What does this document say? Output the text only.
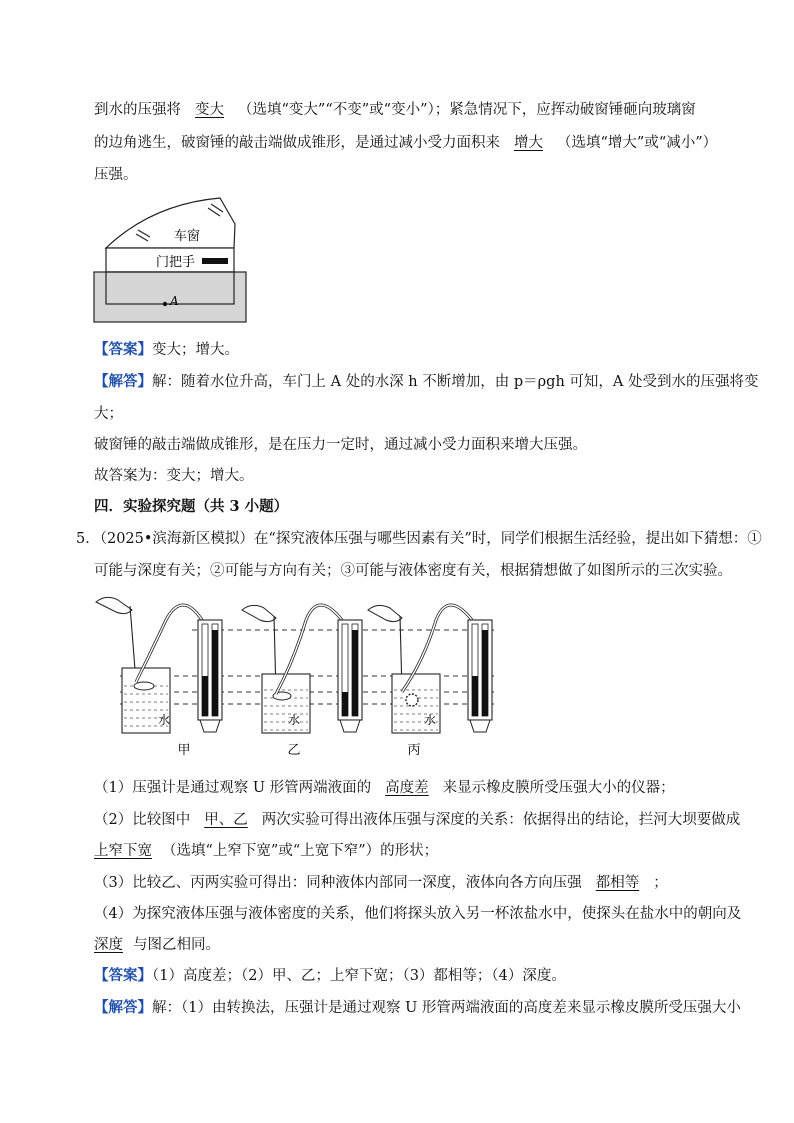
到水的压强将 变大 （选填“变大”“不变”或“变小”）；紧急情况下，应挥动破窗锤砸向玻璃窗
的边角逃生，破窗锤的敲击端做成锥形，是通过减小受力面积来 增大 （选填“增大”或“减小”）
压强。
车窗
门把手
A
【答案】变大；增大。
【解答】解：随着水位升高，车门上 A 处的水深 h 不断增加，由 p＝ρgh 可知，A 处受到水的压强将变
大；
破窗锤的敲击端做成锥形，是在压力一定时，通过减小受力面积来增大压强。
故答案为：变大；增大。
四．实验探究题（共 3 小题）
5．（2025•滨海新区模拟）在“探究液体压强与哪些因素有关”时，同学们根据生活经验，提出如下猜想：①
可能与深度有关；②可能与方向有关；③可能与液体密度有关，根据猜想做了如图所示的三次实验。
水
甲
水
乙
水
丙
（1）压强计是通过观察 U 形管两端液面的 高度差 来显示橡皮膜所受压强大小的仪器；
（2）比较图中 甲、乙 两次实验可得出液体压强与深度的关系：依据得出的结论，拦河大坝要做成
上窄下宽 （选填“上窄下宽”或“上宽下窄”）的形状；
（3）比较乙、丙两实验可得出：同种液体内部同一深度，液体向各方向压强 都相等 ；
（4）为探究液体压强与液体密度的关系，他们将探头放入另一杯浓盐水中，使探头在盐水中的朝向及
深度 与图乙相同。
【答案】（1）高度差；（2）甲、乙；上窄下宽；（3）都相等；（4）深度。
【解答】解：（1）由转换法，压强计是通过观察 U 形管两端液面的高度差来显示橡皮膜所受压强大小
